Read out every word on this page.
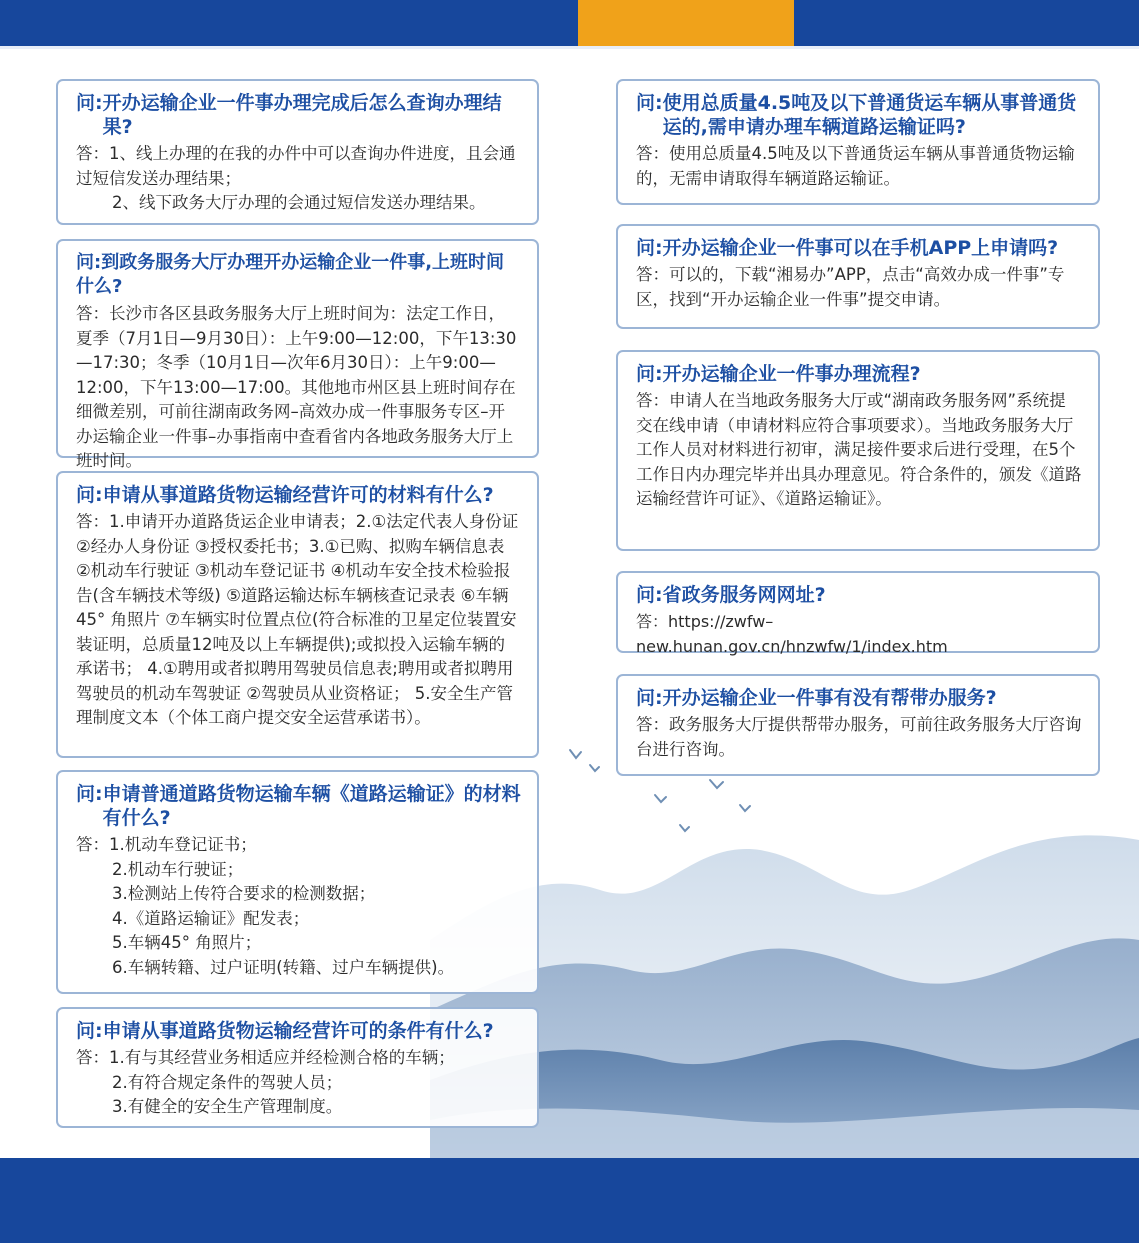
问: 开办运输企业一件事办理完成后怎么查询办理结果?

答：1、线上办理的在我的办件中可以查询办件进度，且会通过短信发送办理结果；

2、线下政务大厅办理的会通过短信发送办理结果。

问:到政务服务大厅办理开办运输企业一件事,上班时间什么?

答：长沙市各区县政务服务大厅上班时间为：法定工作日，夏季（7月1日—9月30日）：上午9:00—12:00，下午13:30—17:30；冬季（10月1日—次年6月30日）：上午9:00—12:00，下午13:00—17:00。其他地市州区县上班时间存在细微差别，可前往湖南政务网–高效办成一件事服务专区–开办运输企业一件事–办事指南中查看省内各地政务服务大厅上班时间。

问:申请从事道路货物运输经营许可的材料有什么?

答：1.申请开办道路货运企业申请表；2.①法定代表人身份证 ②经办人身份证 ③授权委托书；3.①已购、拟购车辆信息表 ②机动车行驶证 ③机动车登记证书 ④机动车安全技术检验报告(含车辆技术等级) ⑤道路运输达标车辆核查记录表 ⑥车辆45° 角照片 ⑦车辆实时位置点位(符合标准的卫星定位装置安装证明，总质量12吨及以上车辆提供);或拟投入运输车辆的承诺书； 4.①聘用或者拟聘用驾驶员信息表;聘用或者拟聘用驾驶员的机动车驾驶证 ②驾驶员从业资格证； 5.安全生产管理制度文本（个体工商户提交安全运营承诺书）。

问: 申请普通道路货物运输车辆《道路运输证》的材料有什么?

答：1.机动车登记证书；

2.机动车行驶证；

3.检测站上传符合要求的检测数据；

4.《道路运输证》配发表；

5.车辆45° 角照片；

6.车辆转籍、过户证明(转籍、过户车辆提供)。

问:申请从事道路货物运输经营许可的条件有什么?

答：1.有与其经营业务相适应并经检测合格的车辆；

2.有符合规定条件的驾驶人员；

3.有健全的安全生产管理制度。

问: 使用总质量4.5吨及以下普通货运车辆从事普通货运的,需申请办理车辆道路运输证吗?

答：使用总质量4.5吨及以下普通货运车辆从事普通货物运输的，无需申请取得车辆道路运输证。

问:开办运输企业一件事可以在手机APP上申请吗?

答：可以的，下载“湘易办”APP，点击“高效办成一件事”专区，找到“开办运输企业一件事”提交申请。

问:开办运输企业一件事办理流程?

答：申请人在当地政务服务大厅或“湖南政务服务网”系统提交在线申请（申请材料应符合事项要求）。当地政务服务大厅工作人员对材料进行初审，满足接件要求后进行受理，在5个工作日内办理完毕并出具办理意见。符合条件的，颁发《道路运输经营许可证》、《道路运输证》。

问:省政务服务网网址?

答：https://zwfw–new.hunan.gov.cn/hnzwfw/1/index.htm

问:开办运输企业一件事有没有帮带办服务?

答：政务服务大厅提供帮带办服务，可前往政务服务大厅咨询台进行咨询。
